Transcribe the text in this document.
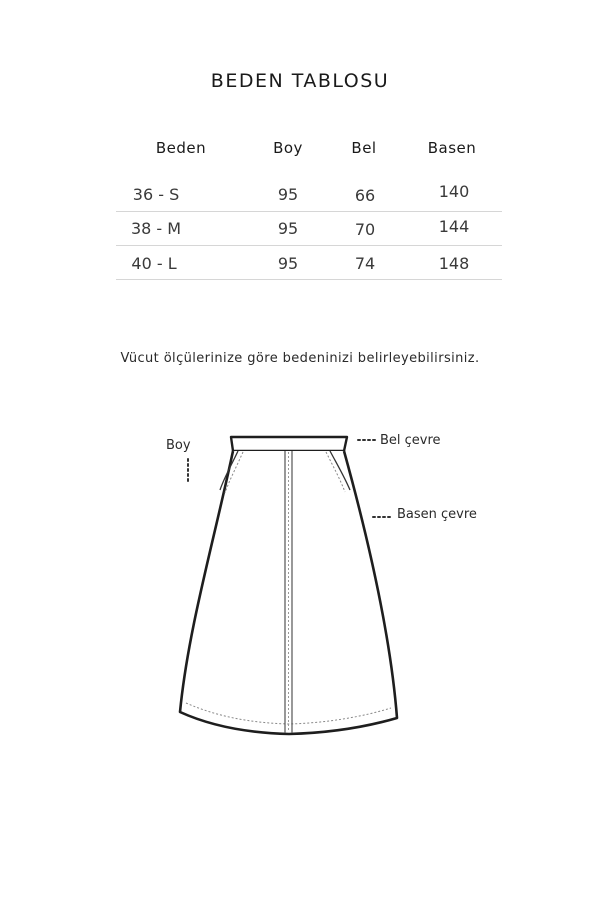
BEDEN TABLOSU
Beden	Boy	Bel	Basen
36 - S	95	66	140
38 - M	95	70	144
40 - L	95	74	148
Vücut ölçülerinize göre bedeninizi belirleyebilirsiniz.
Boy	Bel çevre
Basen çevre
